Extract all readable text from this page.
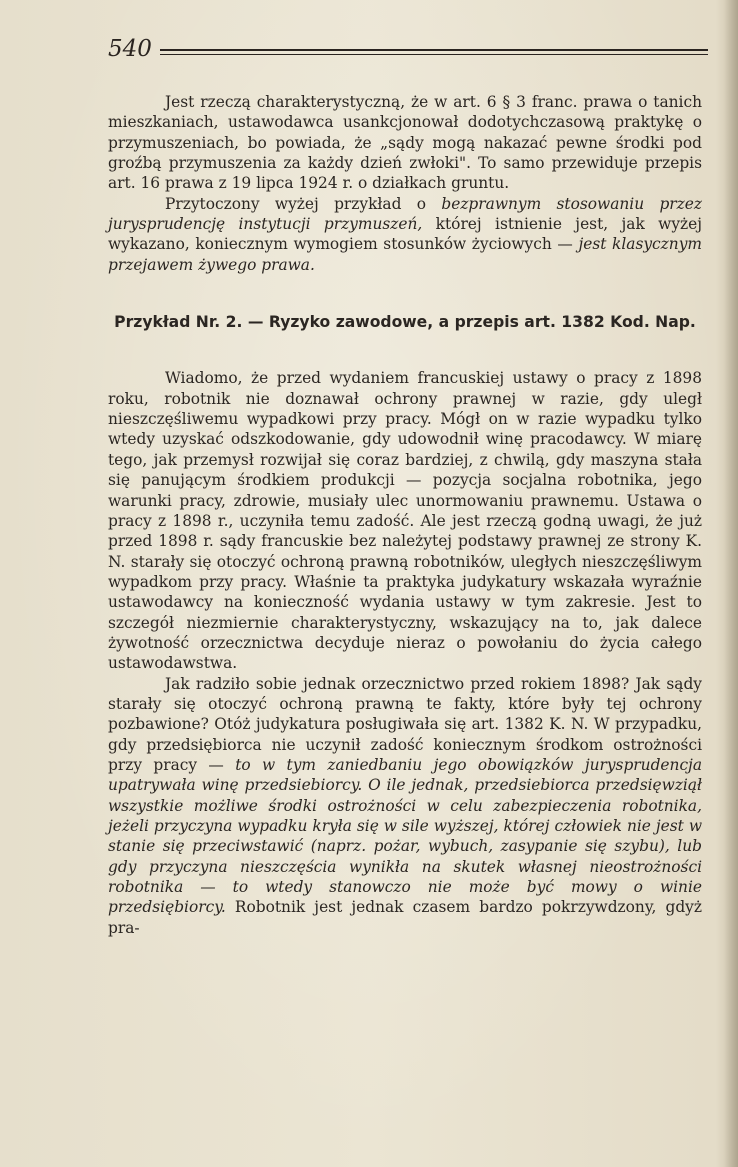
540

Jest rzeczą charakterystyczną, że w art. 6 § 3 franc. prawa o tanich mieszkaniach, ustawodawca usankcjonował dodotychczasową praktykę o przymuszeniach, bo powiada, że „sądy mogą nakazać pewne środki pod groźbą przymuszenia za każdy dzień zwłoki". To samo przewiduje przepis art. 16 prawa z 19 lipca 1924 r. o działkach gruntu.

Przytoczony wyżej przykład o bezprawnym stosowaniu przez jurysprudencję instytucji przymuszeń, której istnienie jest, jak wyżej wykazano, koniecznym wymogiem stosunków życiowych — jest klasycznym przejawem żywego prawa.

Przykład Nr. 2. — Ryzyko zawodowe, a przepis art. 1382 Kod. Nap.

Wiadomo, że przed wydaniem francuskiej ustawy o pracy z 1898 roku, robotnik nie doznawał ochrony prawnej w razie, gdy uległ nieszczęśliwemu wypadkowi przy pracy. Mógł on w razie wypadku tylko wtedy uzyskać odszkodowanie, gdy udowodnił winę pracodawcy. W miarę tego, jak przemysł rozwijał się coraz bardziej, z chwilą, gdy maszyna stała się panującym środkiem produkcji — pozycja socjalna robotnika, jego warunki pracy, zdrowie, musiały ulec unormowaniu prawnemu. Ustawa o pracy z 1898 r., uczyniła temu zadość. Ale jest rzeczą godną uwagi, że już przed 1898 r. sądy francuskie bez należytej podstawy prawnej ze strony K. N. starały się otoczyć ochroną prawną robotników, uległych nieszczęśliwym wypadkom przy pracy. Właśnie ta praktyka judykatury wskazała wyraźnie ustawodawcy na konieczność wydania ustawy w tym zakresie. Jest to szczegół niezmiernie charakterystyczny, wskazujący na to, jak dalece żywotność orzecznictwa decyduje nieraz o powołaniu do życia całego ustawodawstwa.

Jak radziło sobie jednak orzecznictwo przed rokiem 1898? Jak sądy starały się otoczyć ochroną prawną te fakty, które były tej ochrony pozbawione? Otóż judykatura posługiwała się art. 1382 K. N. W przypadku, gdy przedsiębiorca nie uczynił zadość koniecznym środkom ostrożności przy pracy — to w tym zaniedbaniu jego obowiązków jurysprudencja upatrywała winę przedsiebiorcy. O ile jednak, przedsiebiorca przedsięwziął wszystkie możliwe środki ostrożności w celu zabezpieczenia robotnika, jeżeli przyczyna wypadku kryła się w sile wyższej, której człowiek nie jest w stanie się przeciwstawić (naprz. pożar, wybuch, zasypanie się szybu), lub gdy przyczyna nieszczęścia wynikła na skutek własnej nieostrożności robotnika — to wtedy stanowczo nie może być mowy o winie przedsiębiorcy. Robotnik jest jednak czasem bardzo pokrzywdzony, gdyż pra-
